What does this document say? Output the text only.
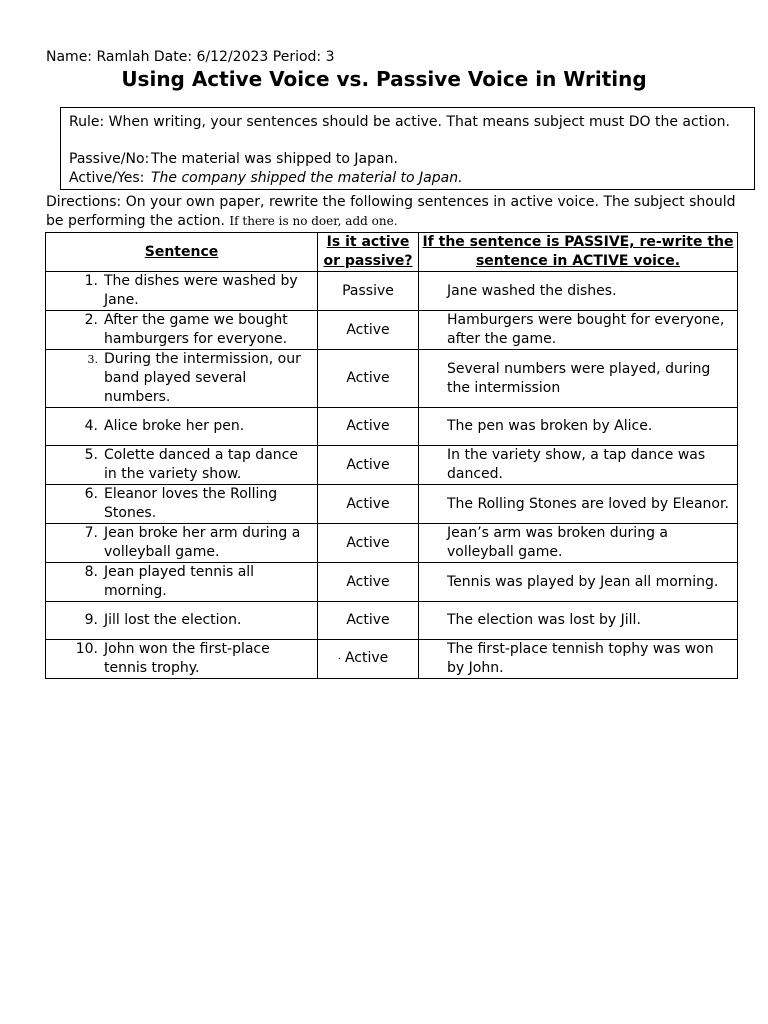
Name: Ramlah Date: 6/12/2023 Period: 3
Using Active Voice vs. Passive Voice in Writing

Rule: When writing, your sentences should be active. That means subject must DO the action.

Passive/No: The material was shipped to Japan.

Active/Yes: The company shipped the material to Japan.

Directions: On your own paper, rewrite the following sentences in active voice. The subject should be performing the action. If there is no doer, add one.
Sentence	Is it active or passive?	If the sentence is PASSIVE, re-write the sentence in ACTIVE voice.

1. The dishes were washed by Jane.	Passive	Jane washed the dishes.

2. After the game we bought hamburgers for everyone.	Active	Hamburgers were bought for everyone, after the game.

3. During the intermission, our band played several numbers.	Active	Several numbers were played, during the intermission

4. Alice broke her pen.	Active	The pen was broken by Alice.

5. Colette danced a tap dance in the variety show.	Active	In the variety show, a tap dance was danced.

6. Eleanor loves the Rolling Stones.	Active	The Rolling Stones are loved by Eleanor.

7. Jean broke her arm during a volleyball game.	Active	Jean’s arm was broken during a volleyball game.

8. Jean played tennis all morning.	Active	Tennis was played by Jean all morning.

9. Jill lost the election.	Active	The election was lost by Jill.

10. John won the first-place tennis trophy.	· Active	The first-place tennish tophy was won by John.
